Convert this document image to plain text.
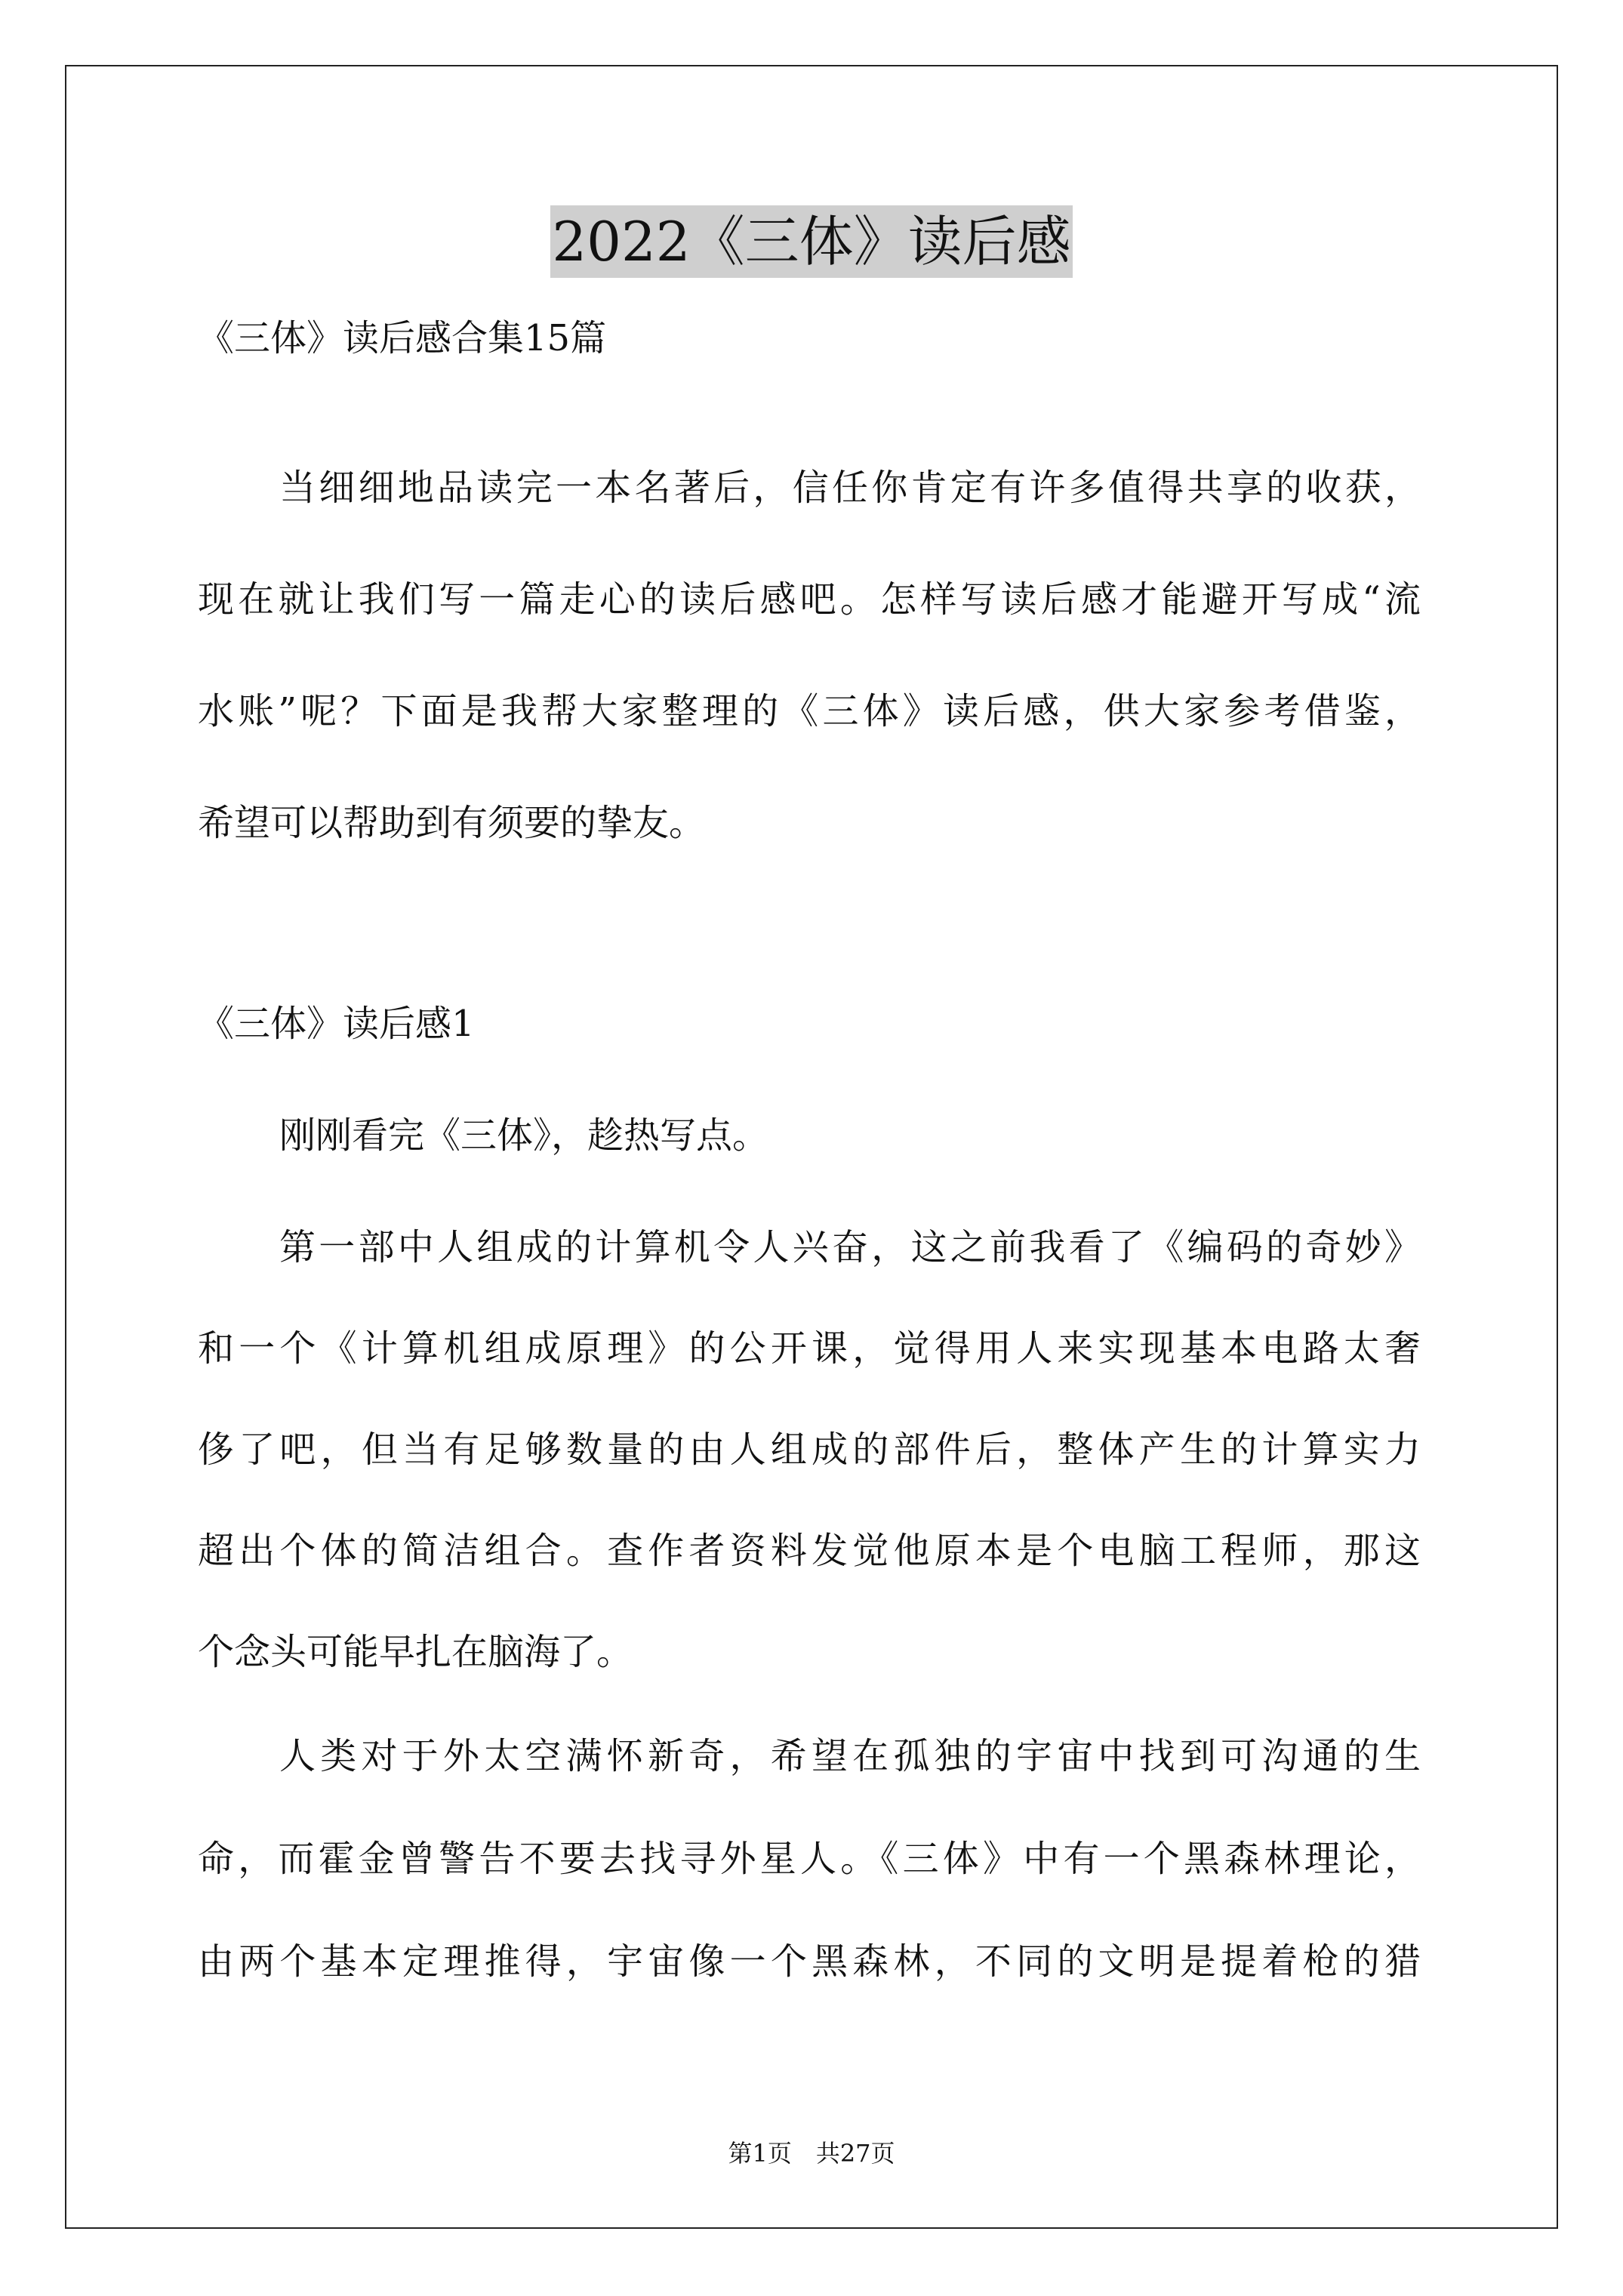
2022《三体》读后感
《三体》读后感合集15篇
当细细地品读完一本名著后，信任你肯定有许多值得共享的收获，
现在就让我们写一篇走心的读后感吧。怎样写读后感才能避开写成“流
水账”呢？下面是我帮大家整理的《三体》读后感，供大家参考借鉴，
希望可以帮助到有须要的挚友。
《三体》读后感1
刚刚看完《三体》，趁热写点。
第一部中人组成的计算机令人兴奋，这之前我看了《编码的奇妙》
和一个《计算机组成原理》的公开课，觉得用人来实现基本电路太奢
侈了吧，但当有足够数量的由人组成的部件后，整体产生的计算实力
超出个体的简洁组合。查作者资料发觉他原本是个电脑工程师，那这
个念头可能早扎在脑海了。
人类对于外太空满怀新奇，希望在孤独的宇宙中找到可沟通的生
命，而霍金曾警告不要去找寻外星人。《三体》中有一个黑森林理论，
由两个基本定理推得，宇宙像一个黑森林，不同的文明是提着枪的猎
第1页　共27页
